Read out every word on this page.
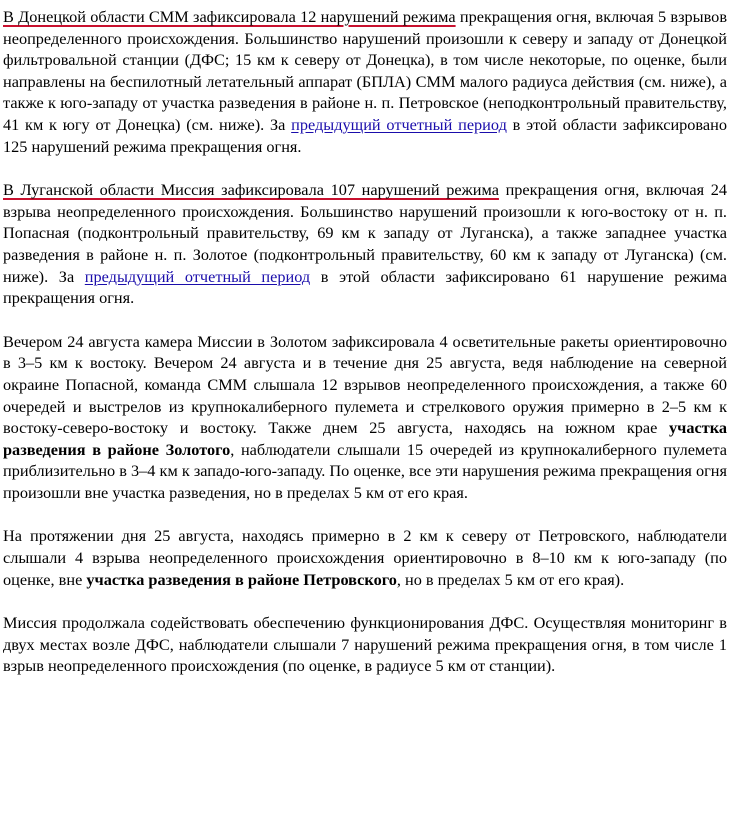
В Донецкой области СММ зафиксировала 12 нарушений режима прекращения огня, включая 5 взрывов неопределенного происхождения. Большинство нарушений произошли к северу и западу от Донецкой фильтровальной станции (ДФС; 15 км к северу от Донецка), в том числе некоторые, по оценке, были направлены на беспилотный летательный аппарат (БПЛА) СММ малого радиуса действия (см. ниже), а также к юго-западу от участка разведения в районе н. п. Петровское (неподконтрольный правительству, 41 км к югу от Донецка) (см. ниже). За предыдущий отчетный период в этой области зафиксировано 125 нарушений режима прекращения огня.

В Луганской области Миссия зафиксировала 107 нарушений режима прекращения огня, включая 24 взрыва неопределенного происхождения. Большинство нарушений произошли к юго-востоку от н. п. Попасная (подконтрольный правительству, 69 км к западу от Луганска), а также западнее участка разведения в районе н. п. Золотое (подконтрольный правительству, 60 км к западу от Луганска) (см. ниже). За предыдущий отчетный период в этой области зафиксировано 61 нарушение режима прекращения огня.

Вечером 24 августа камера Миссии в Золотом зафиксировала 4 осветительные ракеты ориентировочно в 3–5 км к востоку. Вечером 24 августа и в течение дня 25 августа, ведя наблюдение на северной окраине Попасной, команда СММ слышала 12 взрывов неопределенного происхождения, а также 60 очередей и выстрелов из крупнокалиберного пулемета и стрелкового оружия примерно в 2–5 км к востоку-северо-востоку и востоку. Также днем 25 августа, находясь на южном крае участка разведения в районе Золотого, наблюдатели слышали 15 очередей из крупнокалиберного пулемета приблизительно в 3–4 км к западо-юго-западу. По оценке, все эти нарушения режима прекращения огня произошли вне участка разведения, но в пределах 5 км от его края.

На протяжении дня 25 августа, находясь примерно в 2 км к северу от Петровского, наблюдатели слышали 4 взрыва неопределенного происхождения ориентировочно в 8–10 км к юго-западу (по оценке, вне участка разведения в районе Петровского, но в пределах 5 км от его края).

Миссия продолжала содействовать обеспечению функционирования ДФС. Осуществляя мониторинг в двух местах возле ДФС, наблюдатели слышали 7 нарушений режима прекращения огня, в том числе 1 взрыв неопределенного происхождения (по оценке, в радиусе 5 км от станции).
